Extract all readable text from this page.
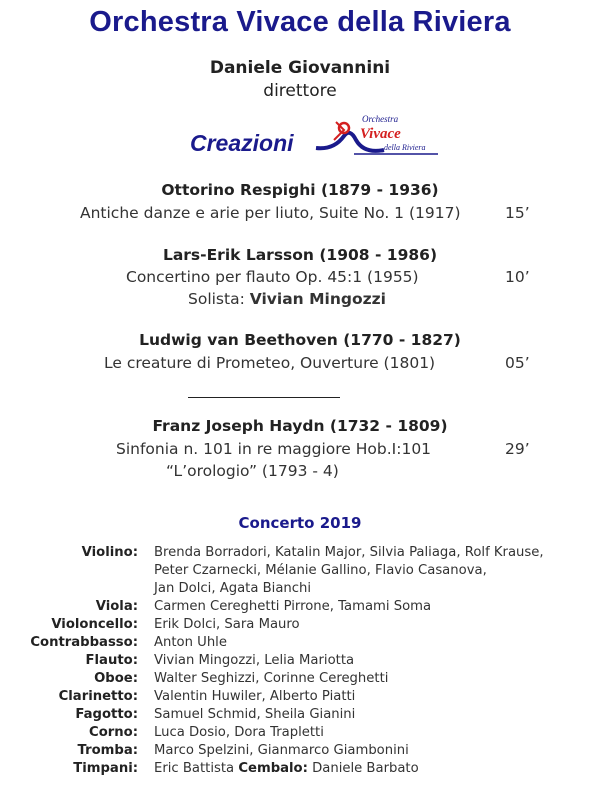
Orchestra Vivace della Riviera
Daniele Giovannini
direttore
Creazioni
Orchestra
Vivace
della Riviera
Ottorino Respighi (1879 - 1936)
Antiche danze e arie per liuto, Suite No. 1 (1917)	15’
Lars-Erik Larsson (1908 - 1986)
Concertino per flauto Op. 45:1 (1955)	10’
Solista: Vivian Mingozzi
Ludwig van Beethoven (1770 - 1827)
Le creature di Prometeo, Ouverture (1801)	05’
Franz Joseph Haydn (1732 - 1809)
Sinfonia n. 101 in re maggiore Hob.I:101	29’
“L’orologio” (1793 - 4)
Concerto 2019
Violino:	Brenda Borradori, Katalin Major, Silvia Paliaga, Rolf Krause,
Peter Czarnecki, Mélanie Gallino, Flavio Casanova,
Jan Dolci, Agata Bianchi
Viola:	Carmen Cereghetti Pirrone, Tamami Soma
Violoncello:	Erik Dolci, Sara Mauro
Contrabbasso:	Anton Uhle
Flauto:	Vivian Mingozzi, Lelia Mariotta
Oboe:	Walter Seghizzi, Corinne Cereghetti
Clarinetto:	Valentin Huwiler, Alberto Piatti
Fagotto:	Samuel Schmid, Sheila Gianini
Corno:	Luca Dosio, Dora Trapletti
Tromba:	Marco Spelzini, Gianmarco Giambonini
Timpani:	Eric Battista Cembalo: Daniele Barbato
